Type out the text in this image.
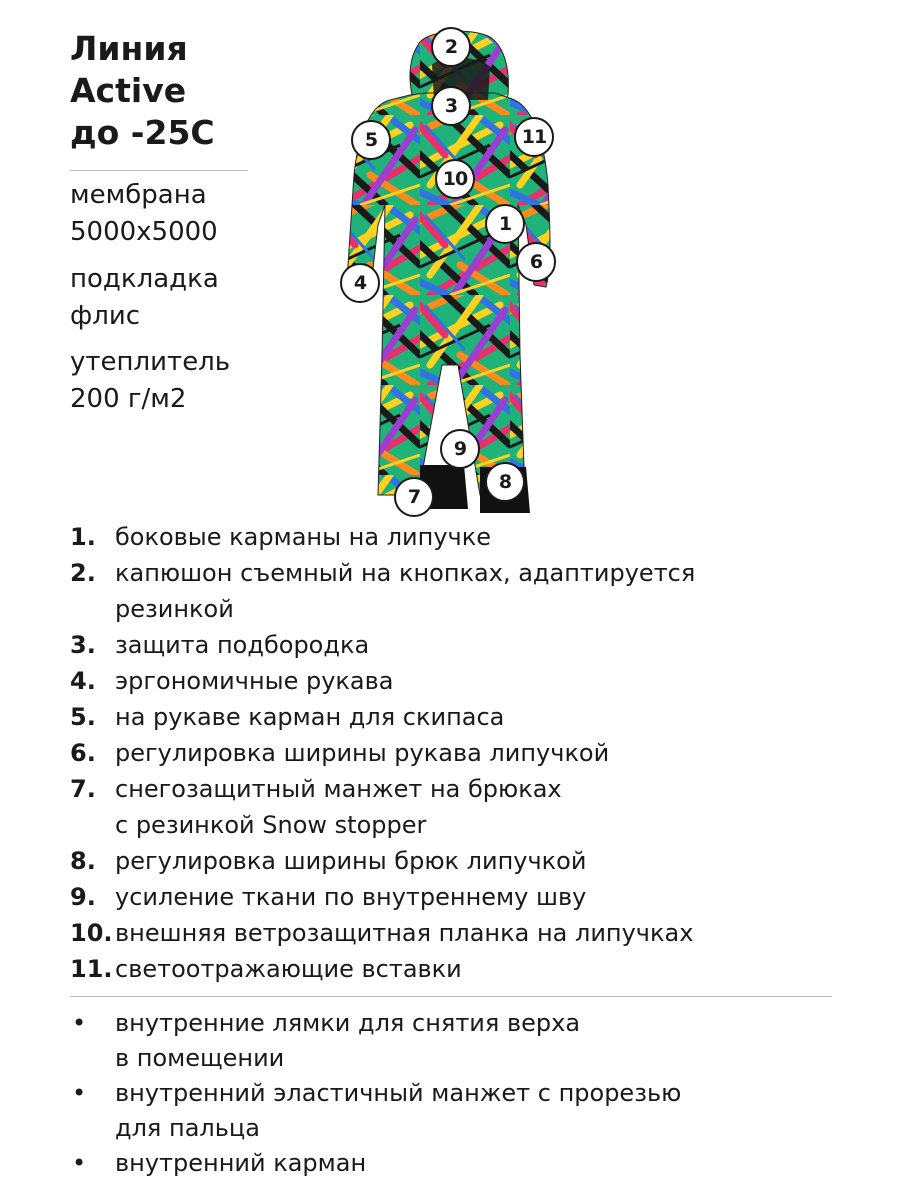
Линия
Active
до -25С
мембрана
5000x5000
подкладка
флис
утеплитель
200 г/м2
2
3
5	11
10
1
6
4
9
8
7
1. боковые карманы на липучке
2. капюшон съемный на кнопках, адаптируется
резинкой
3. защита подбородка
4. эргономичные рукава
5. на рукаве карман для скипаса
6. регулировка ширины рукава липучкой
7. снегозащитный манжет на брюках
с резинкой Snow stopper
8. регулировка ширины брюк липучкой
9. усиление ткани по внутреннему шву
10. внешняя ветрозащитная планка на липучках
11. светоотражающие вставки
•	внутренние лямки для снятия верха
в помещении
•	внутренний эластичный манжет с прорезью
для пальца
•	внутренний карман
